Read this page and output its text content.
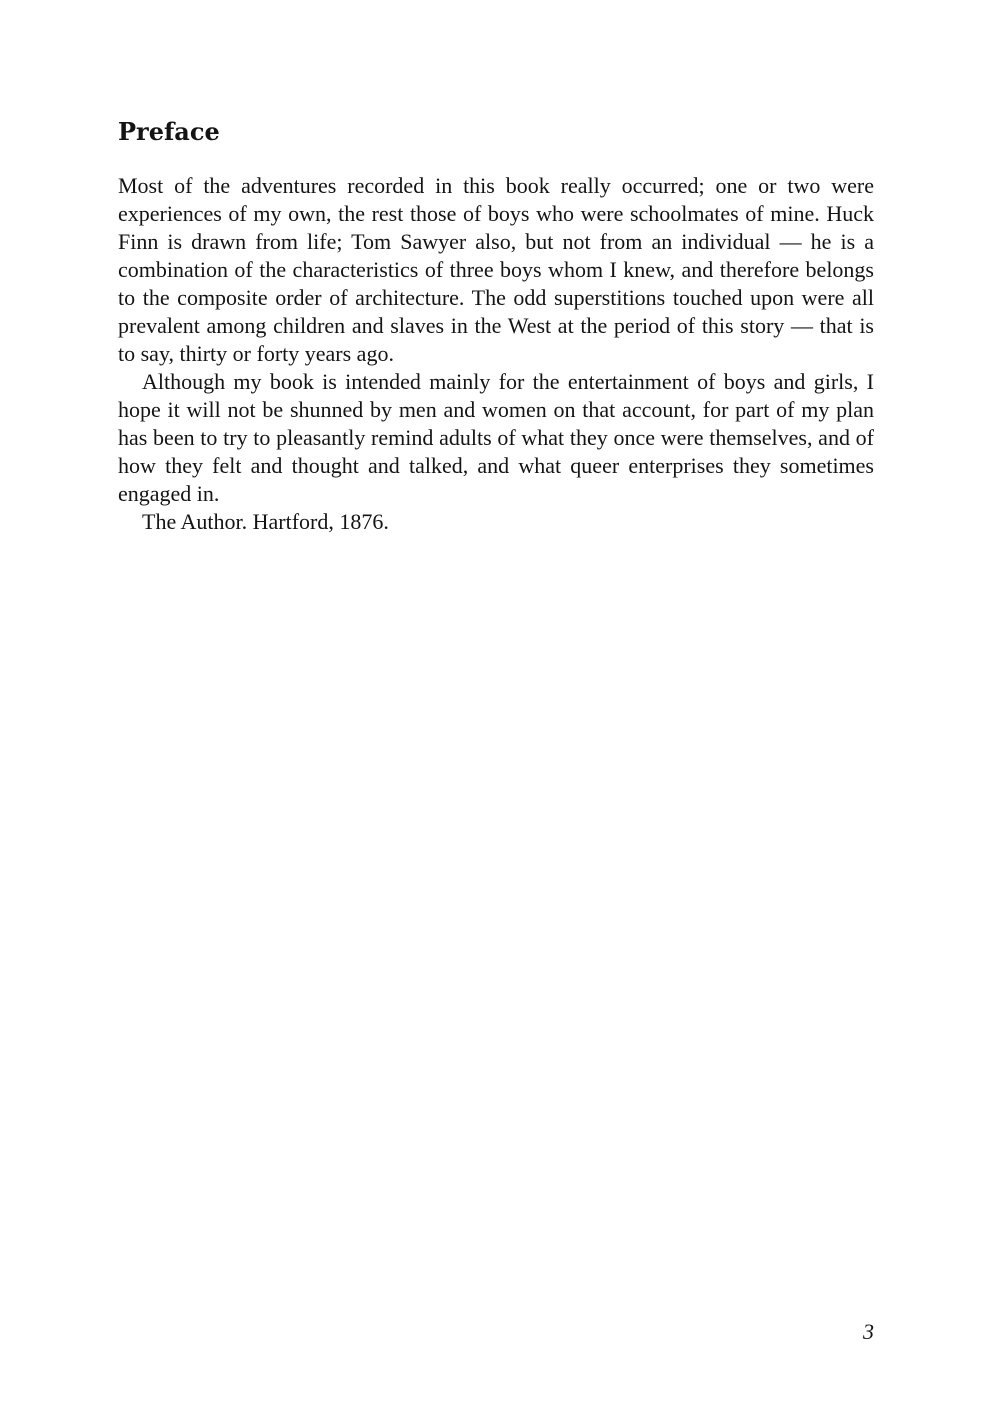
Preface

Most of the adventures recorded in this book really occurred; one or two were experiences of my own, the rest those of boys who were schoolmates of mine. Huck Finn is drawn from life; Tom Sawyer also, but not from an individual — he is a combination of the characteristics of three boys whom I knew, and therefore belongs to the composite order of architecture. The odd superstitions touched upon were all prevalent among children and slaves in the West at the period of this story — that is to say, thirty or forty years ago.

Although my book is intended mainly for the entertainment of boys and girls, I hope it will not be shunned by men and women on that account, for part of my plan has been to try to pleasantly remind adults of what they once were themselves, and of how they felt and thought and talked, and what queer enterprises they sometimes engaged in.

The Author. Hartford, 1876.

3
